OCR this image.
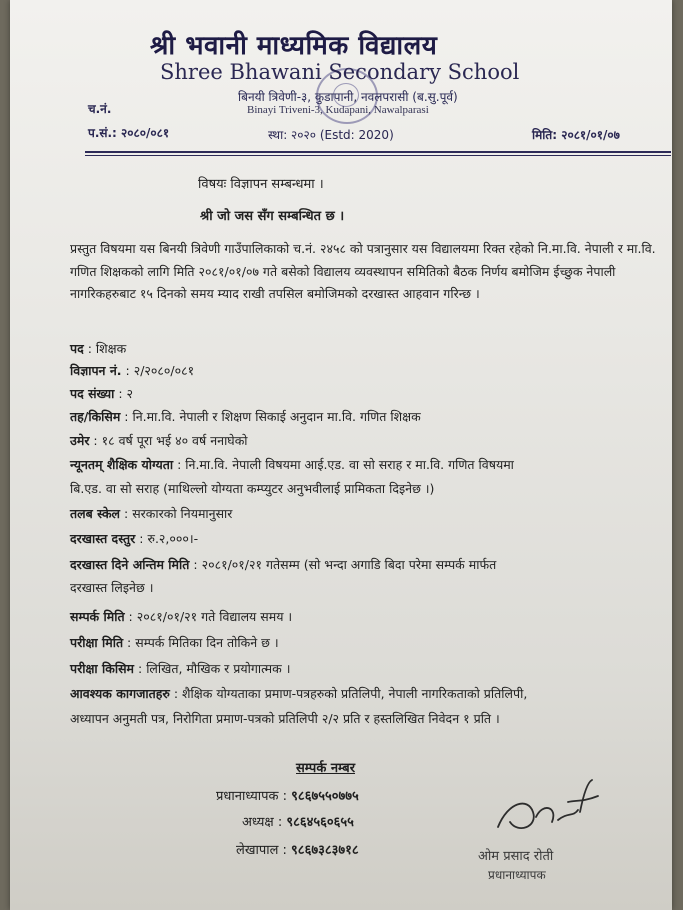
श्री भवानी माध्यमिक विद्यालय
Shree Bhawani Secondary School
बिनयी त्रिवेणी-३, कुडापानी, नवलपरासी (ब.सु.पूर्व)
Binayi Triveni-3, Kudapani, Nawalparasi
च.नं.
प.सं.: २०८०/०८१	स्था: २०२० (Estd: 2020)	मिति: २०८१/०१/०७
विषयः विज्ञापन सम्बन्धमा ।
श्री जो जस सँग सम्बन्धित छ ।
प्रस्तुत विषयमा यस बिनयी त्रिवेणी गाउँपालिकाको च.नं. २४५८ को पत्रानुसार यस विद्यालयमा रिक्त रहेको नि.मा.वि. नेपाली र मा.वि. गणित शिक्षकको लागि मिति २०८१/०१/०७ गते बसेको विद्यालय व्यवस्थापन समितिको बैठक निर्णय बमोजिम ईच्छुक नेपाली नागरिकहरुबाट १५ दिनको समय म्याद राखी तपसिल बमोजिमको दरखास्त आहवान गरिन्छ ।
पद : शिक्षक
विज्ञापन नं. : २/२०८०/०८१
पद संख्या : २
तह/किसिम : नि.मा.वि. नेपाली र शिक्षण सिकाई अनुदान मा.वि. गणित शिक्षक
उमेर : १८ वर्ष पूरा भई ४० वर्ष ननाघेको
न्यूनतम् शैक्षिक योग्यता : नि.मा.वि. नेपाली विषयमा आई.एड. वा सो सराह र मा.वि. गणित विषयमा
बि.एड. वा सो सराह (माथिल्लो योग्यता कम्प्युटर अनुभवीलाई प्रामिकता दिइनेछ ।)
तलब स्केल : सरकारको नियमानुसार
दरखास्त दस्तुर : रु.२,०००।-
दरखास्त दिने अन्तिम मिति : २०८१/०१/२१ गतेसम्म (सो भन्दा अगाडि बिदा परेमा सम्पर्क मार्फत
दरखास्त लिइनेछ ।
सम्पर्क मिति : २०८१/०१/२१ गते विद्यालय समय ।
परीक्षा मिति : सम्पर्क मितिका दिन तोकिने छ ।
परीक्षा किसिम : लिखित, मौखिक र प्रयोगात्मक ।
आवश्यक कागजातहरु : शैक्षिक योग्यताका प्रमाण-पत्रहरुको प्रतिलिपी, नेपाली नागरिकताको प्रतिलिपी,
अध्यापन अनुमती पत्र, निरोगिता प्रमाण-पत्रको प्रतिलिपी २/२ प्रति र हस्तलिखित निवेदन १ प्रति ।
सम्पर्क नम्बर
प्रधानाध्यापक : ९८६७५५०७७५
अध्यक्ष : ९८६४५६०६५५
लेखापाल : ९८६७३८३७१८	ओम प्रसाद रोती
प्रधानाध्यापक
